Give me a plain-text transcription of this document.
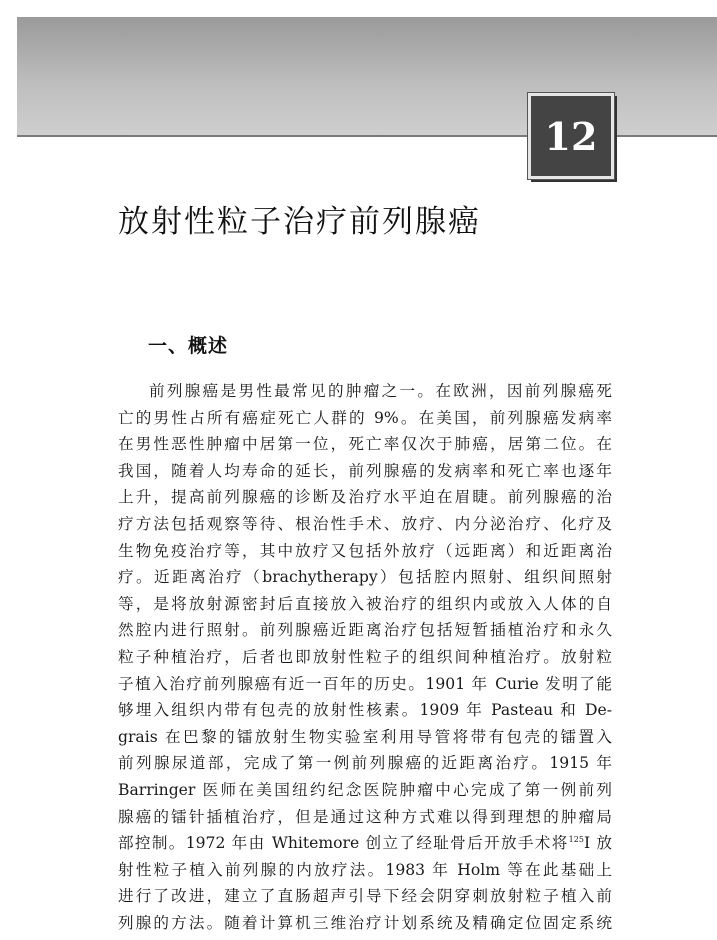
12
放射性粒子治疗前列腺癌
一、概述
前列腺癌是男性最常见的肿瘤之一。在欧洲，因前列腺癌死
亡的男性占所有癌症死亡人群的 9%。在美国，前列腺癌发病率
在男性恶性肿瘤中居第一位，死亡率仅次于肺癌，居第二位。在
我国，随着人均寿命的延长，前列腺癌的发病率和死亡率也逐年
上升，提高前列腺癌的诊断及治疗水平迫在眉睫。前列腺癌的治
疗方法包括观察等待、根治性手术、放疗、内分泌治疗、化疗及
生物免疫治疗等，其中放疗又包括外放疗（远距离）和近距离治
疗。近距离治疗（brachytherapy）包括腔内照射、组织间照射
等，是将放射源密封后直接放入被治疗的组织内或放入人体的自
然腔内进行照射。前列腺癌近距离治疗包括短暂插植治疗和永久
粒子种植治疗，后者也即放射性粒子的组织间种植治疗。放射粒
子植入治疗前列腺癌有近一百年的历史。1901 年 Curie 发明了能
够埋入组织内带有包壳的放射性核素。1909 年 Pasteau 和 De-
grais 在巴黎的镭放射生物实验室利用导管将带有包壳的镭置入
前列腺尿道部，完成了第一例前列腺癌的近距离治疗。1915 年
Barringer 医师在美国纽约纪念医院肿瘤中心完成了第一例前列
腺癌的镭针插植治疗，但是通过这种方式难以得到理想的肿瘤局
部控制。1972 年由 Whitemore 创立了经耻骨后开放手术将$^{125}$I 放
射性粒子植入前列腺的内放疗法。1983 年 Holm 等在此基础上
进行了改进，建立了直肠超声引导下经会阴穿刺放射粒子植入前
列腺的方法。随着计算机三维治疗计划系统及精确定位固定系统
